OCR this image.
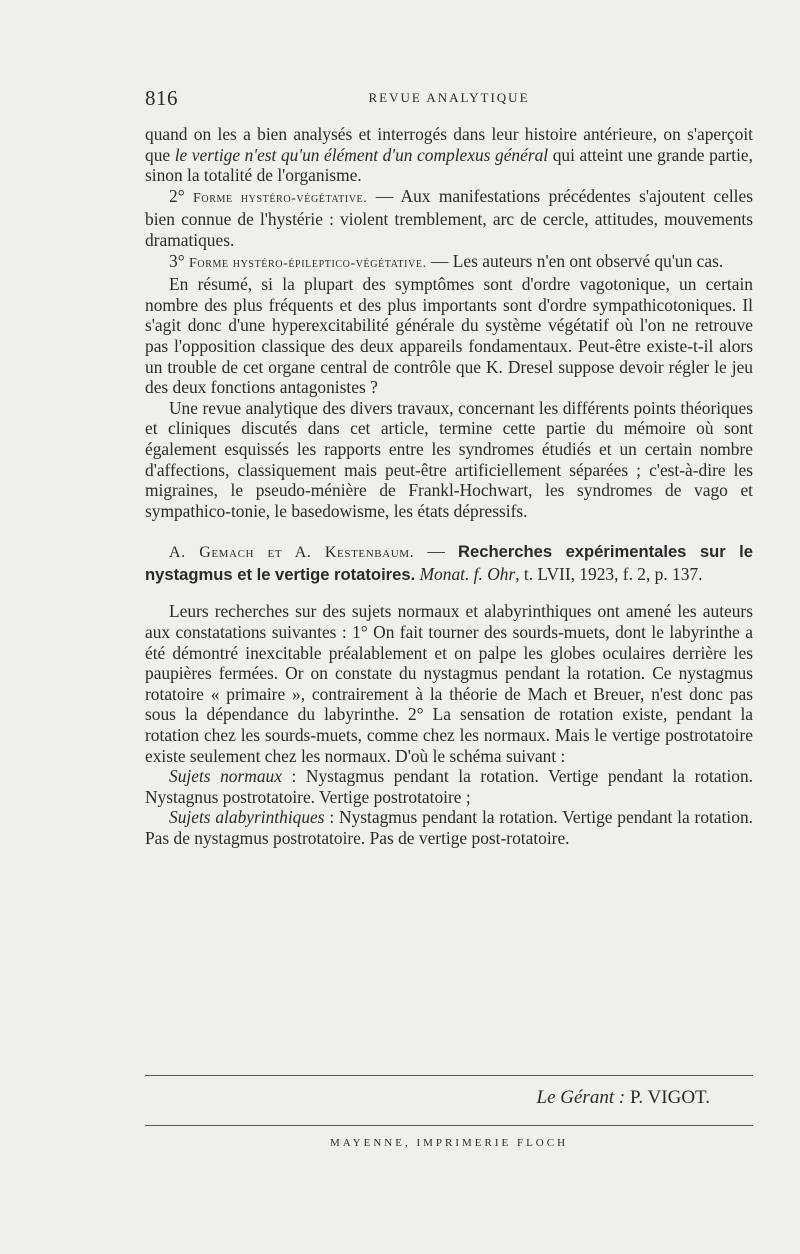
816	REVUE ANALYTIQUE

quand on les a bien analysés et interrogés dans leur histoire antérieure, on s'aperçoit que le vertige n'est qu'un élément d'un complexus général qui atteint une grande partie, sinon la totalité de l'organisme.

2° Forme hystéro-végétative. — Aux manifestations précédentes s'ajoutent celles bien connue de l'hystérie : violent tremblement, arc de cercle, attitudes, mouvements dramatiques.

3° Forme hystéro-épileptico-végétative. — Les auteurs n'en ont observé qu'un cas.

En résumé, si la plupart des symptômes sont d'ordre vagotonique, un certain nombre des plus fréquents et des plus importants sont d'ordre sympathicotoniques. Il s'agit donc d'une hyperexcitabilité générale du système végétatif où l'on ne retrouve pas l'opposition classique des deux appareils fondamentaux. Peut-être existe-t-il alors un trouble de cet organe central de contrôle que K. Dresel suppose devoir régler le jeu des deux fonctions antagonistes ?

Une revue analytique des divers travaux, concernant les différents points théoriques et cliniques discutés dans cet article, termine cette partie du mémoire où sont également esquissés les rapports entre les syndromes étudiés et un certain nombre d'affections, classiquement mais peut-être artificiellement séparées ; c'est-à-dire les migraines, le pseudo-ménière de Frankl-Hochwart, les syndromes de vago et sympathico-tonie, le basedowisme, les états dépressifs.

A. Gemach et A. Kestenbaum. — Recherches expérimentales sur le nystagmus et le vertige rotatoires. Monat. f. Ohr, t. LVII, 1923, f. 2, p. 137.

Leurs recherches sur des sujets normaux et alabyrinthiques ont amené les auteurs aux constatations suivantes : 1° On fait tourner des sourds-muets, dont le labyrinthe a été démontré inexcitable préalablement et on palpe les globes oculaires derrière les paupières fermées. Or on constate du nystagmus pendant la rotation. Ce nystagmus rotatoire « primaire », contrairement à la théorie de Mach et Breuer, n'est donc pas sous la dépendance du labyrinthe. 2° La sensation de rotation existe, pendant la rotation chez les sourds-muets, comme chez les normaux. Mais le vertige postrotatoire existe seulement chez les normaux. D'où le schéma suivant :

Sujets normaux : Nystagmus pendant la rotation. Vertige pendant la rotation. Nystagnus postrotatoire. Vertige postrotatoire ;

Sujets alabyrinthiques : Nystagmus pendant la rotation. Vertige pendant la rotation. Pas de nystagmus postrotatoire. Pas de vertige post-rotatoire.

Le Gérant : P. VIGOT.
MAYENNE, IMPRIMERIE FLOCH
